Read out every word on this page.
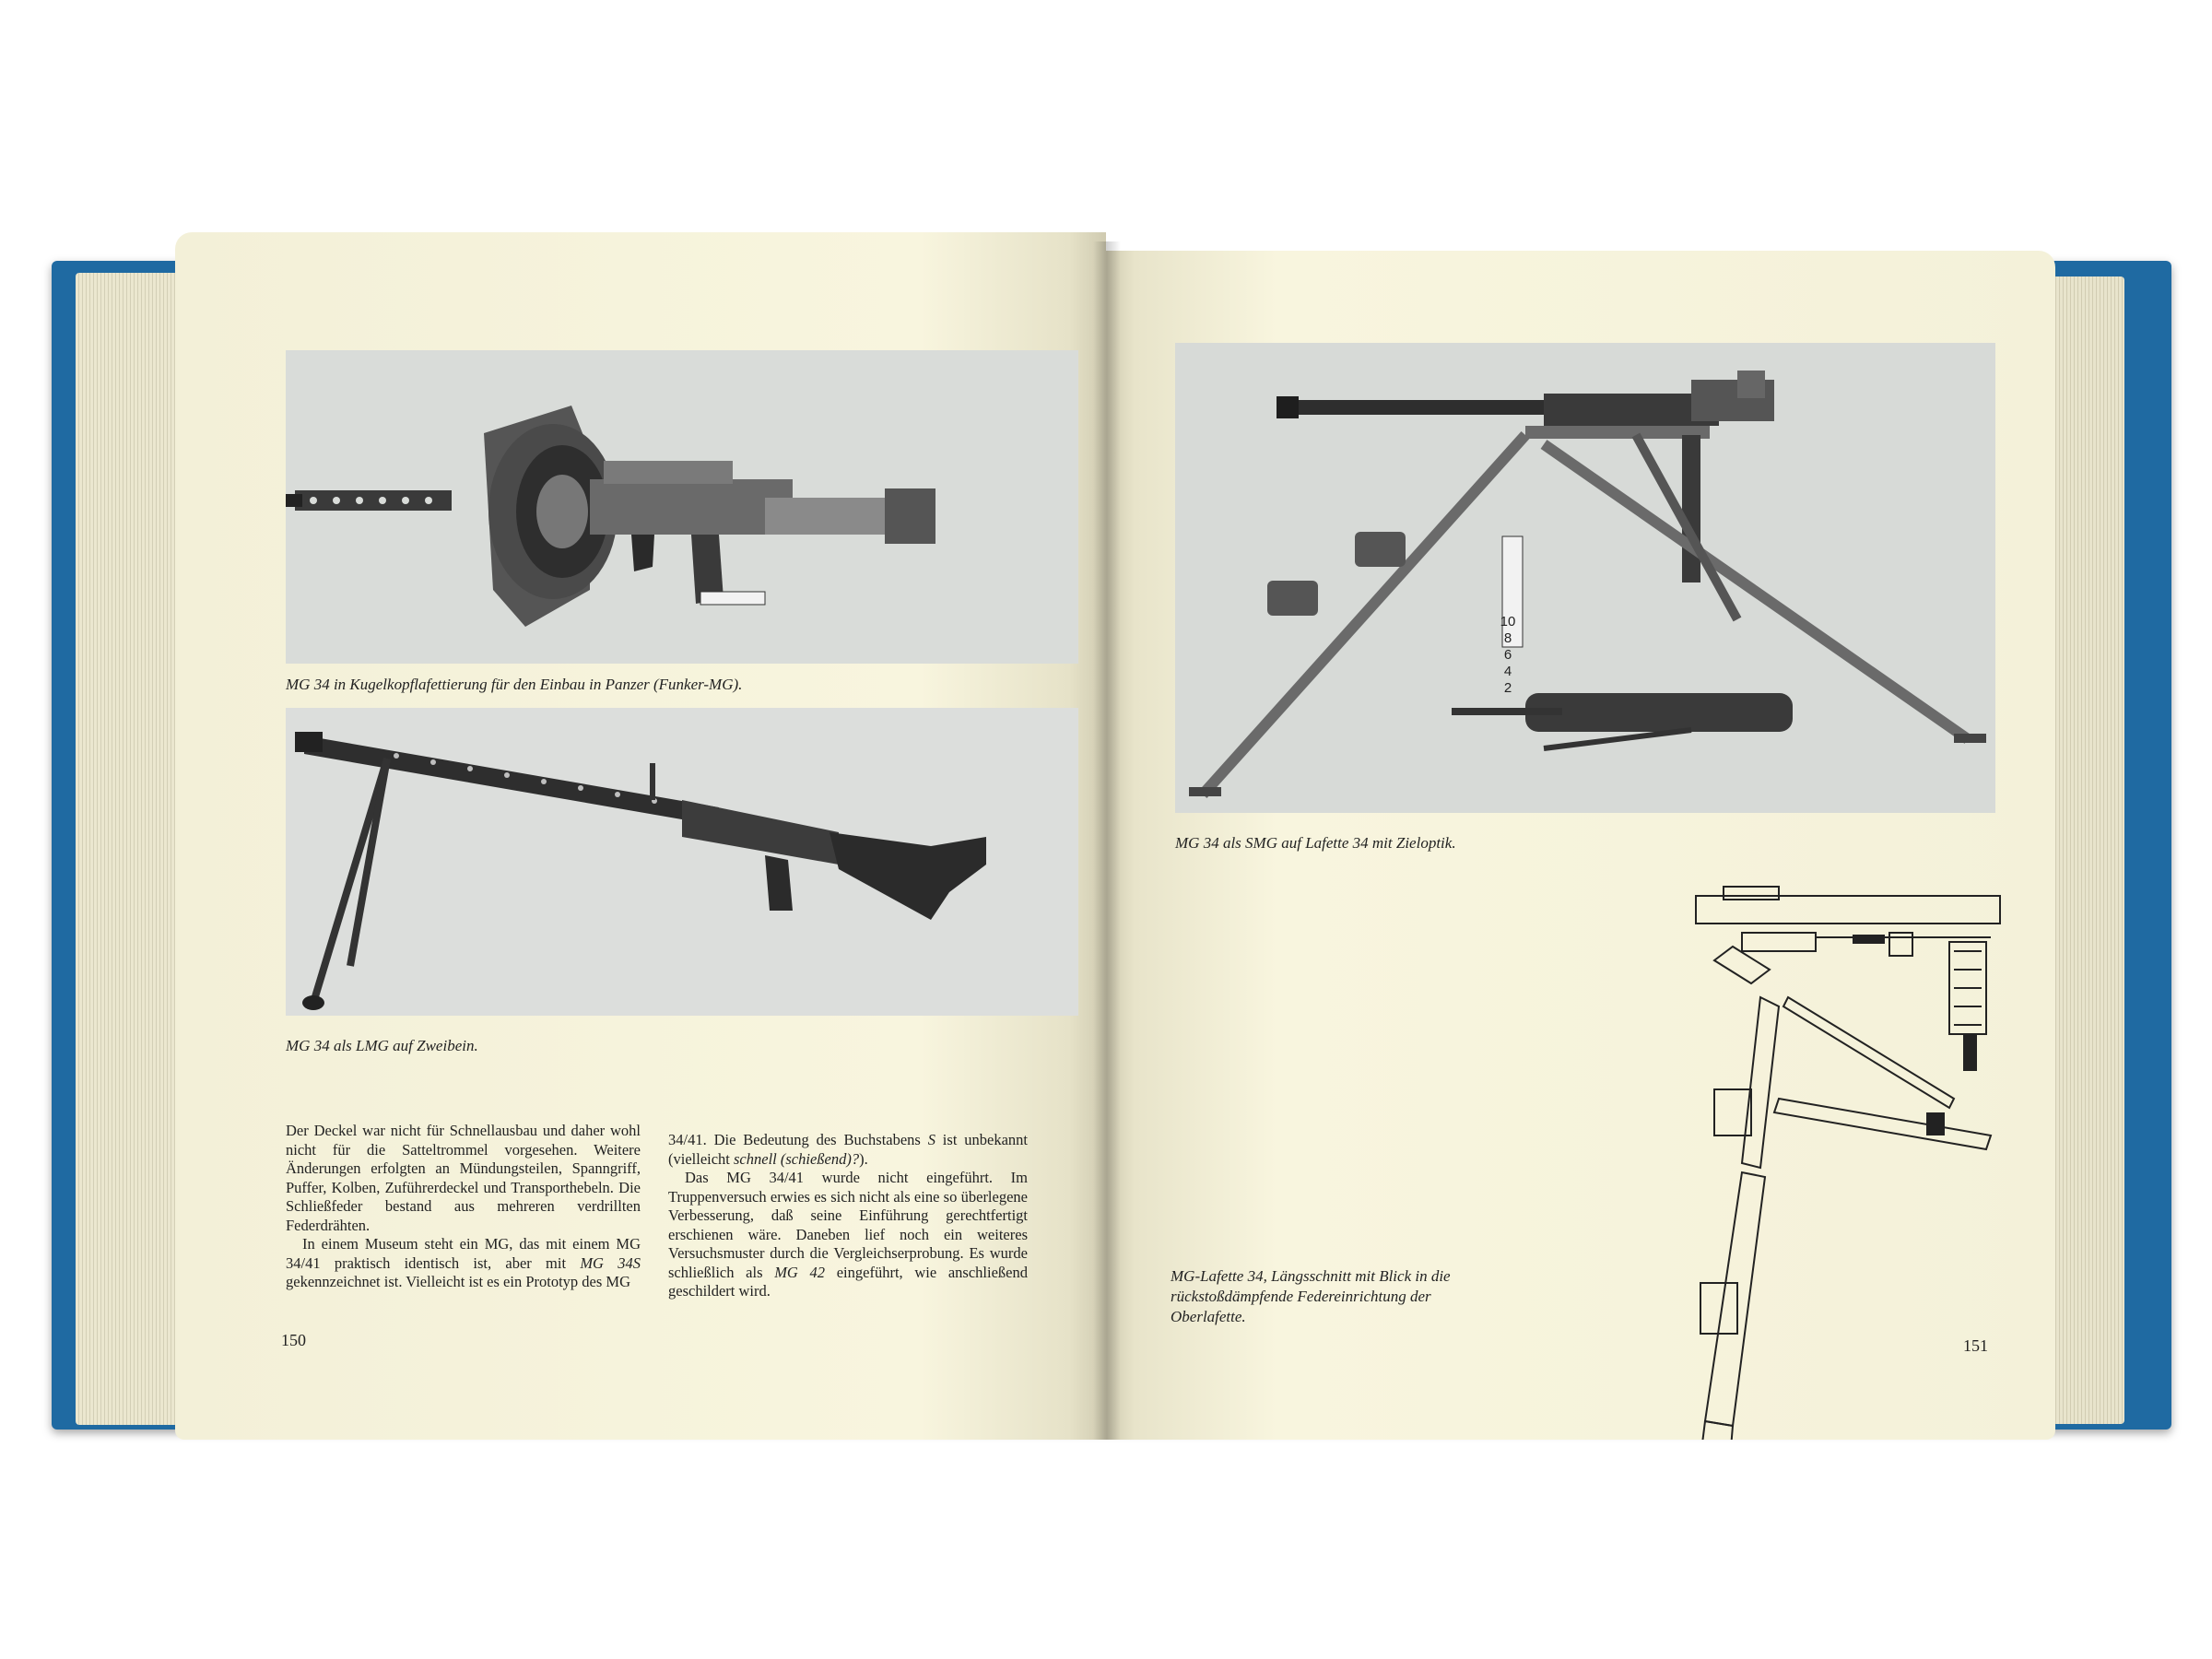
MG 34 in Kugelkopflafettierung für den Einbau in Panzer (Funker-MG).

MG 34 als LMG auf Zweibein.

Der Deckel war nicht für Schnellausbau und daher wohl nicht für die Satteltrommel vorgesehen. Weitere Änderungen erfolgten an Mündungsteilen, Spanngriff, Puffer, Kolben, Zuführerdeckel und Transporthebeln. Die Schließfeder bestand aus mehreren verdrillten Federdrähten.

In einem Museum steht ein MG, das mit einem MG 34/41 praktisch identisch ist, aber mit MG 34S gekennzeichnet ist. Vielleicht ist es ein Prototyp des MG

34/41. Die Bedeutung des Buchstabens S ist unbekannt (vielleicht schnell (schießend)?).

Das MG 34/41 wurde nicht eingeführt. Im Truppenversuch erwies es sich nicht als eine so überlegene Verbesserung, daß seine Einführung gerechtfertigt erschienen wäre. Daneben lief noch ein weiteres Versuchsmuster durch die Vergleichserprobung. Es wurde schließlich als MG 42 eingeführt, wie anschließend geschildert wird.

150
10
8
6
4
2

MG 34 als SMG auf Lafette 34 mit Zieloptik.

MG-Lafette 34, Längsschnitt mit Blick in die rückstoßdämpfende Federeinrichtung der Oberlafette.

151
